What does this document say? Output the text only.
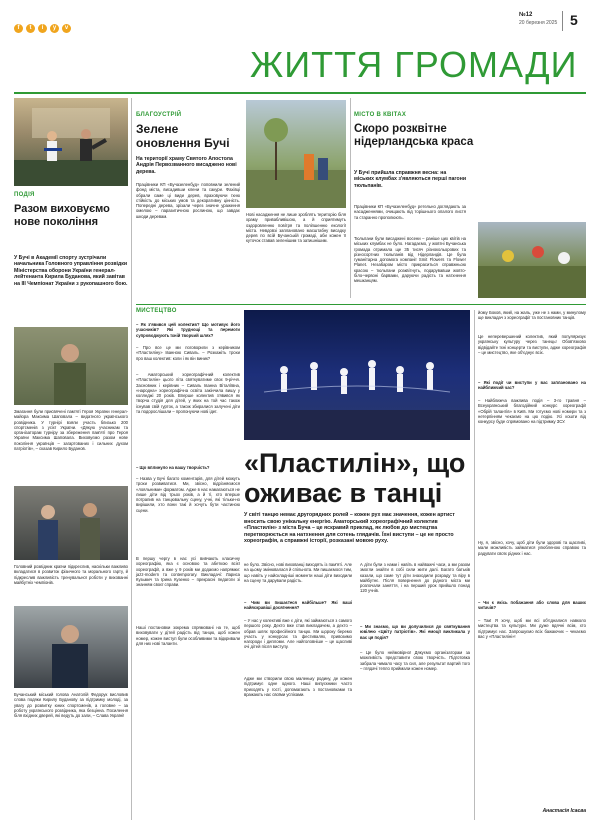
f t i y v
№12
20 березня 2025 5
ЖИТТЯ ГРОМАДИ
ПОДІЯ
Разом виховуємо нове покоління
У Бучі в Академії спорту зустрічали начальника Головного управління розвідки Міністерства оборони України генерал-лейтенанта Кирила Буданова, який завітав на ІІІ Чемпіонат України з рукопашного бою.
Змагання були присвячені пам'яті Героя України генерал-майора Максима Шаповала – видатного українського розвідника. У турнірі взяли участь близько 200 спортсменів з усієї України. «Дякую учасникам та організаторам турніру за збереження пам'яті про Героя України Максима Шаповала. Виховуємо разом нове покоління українців – загартованих і сильних духом патріотів», – сказав Кирило Буданов.
Головний розвідник країни підкреслив, наскільки важливо вкладатися в розвиток фізичного та морального гарту, й підкреслив важливість тренувальної роботи у вихованні майбутніх чемпіонів.
Бучанський міський голова Анатолій Федорук висловив слова подяки Кирилу Буданову за підтримку молоді, за увагу до розвитку юних спортсменів, а головне – за роботу українського розвідника, яка безцінна. Посилення біля вхідних дверей, які ведуть до зали, – Слава Україні!
БЛАГОУСТРІЙ
Зелене оновлення Бучі
На території храму Святого Апостола Андрія Первозванного висаджено нові дерева.
Працівники КП «Бучазеленбуд» поповнили зелений фонд міста, висадивши клени та сакури. Фахівці обрали саме ці види дерев, враховуючи їхню стійкість до міських умов та декоративну цінність. Попередні дерева, зрізали через значне ураження омелою – паразитичною рослиною, що завдає шкоди деревам.	Нові насадження не лише зроблять територію біля храму привабливішою, а й сприятимуть оздоровленню повітря та поліпшенню екології міста. Невдовзі заплановано масштабну висадку дерев по всій Бучанській громаді, аби кожен її куточок ставав зеленішим та затишнішим.
МІСТО В КВІТАХ
Скоро розквітне нідерландська краса
У Бучі прийшла справжня весна: на міських клумбах з'являються перші пагони тюльпанів.
Працівники КП «Бучазеленбуд» ретельно доглядають за насадженнями, очищають від торішнього опалого листя та старанно прополюють.
Тюльпани були висаджені восени – раніше цих квітів на міських клумбах не було. Нагадаємо, у жовтні Бучанська громада отримала ще 35 тисяч різнокольорових та різносортних тюльпанів від Нідерландів. Це була гуманітарна допомога компанії Smit Flowers та Flower Planet. Незабаром місто прикраситься справжньою красою – тюльпани розквітнуть, подарувавши жовто-біло-червоні барвами, даруючи радість та натхнення мешканцям.
МИСТЕЦТВО
– Як з'явився цей колектив? Що мотивує його учасників? Які труднощі та перемоги супроводжують їхній творчий шлях?
– Про все це ми поговорили з керівником «Пластиліну» Іванною Сиваль. – Розкажіть трохи про ваш колектив: коли і як він виник?
– Аматорський хореографічний колектив «Пластилін» цього літа святкуватиме своє 9-річчя. Засновник і керівник – Сиваль Іванна Віталіївна, «народна» хореографічна освіта закінчила вишу у колледжі 20 років. Вперше колектив з'явився як творча студія для дітей, у яких на той час також існував свій гурток, а також збиралися залучені діти та подорослішали – пропонуючи нові ідеї.
– Що вплинуло на вашу творчість?
– Назва у Бучі багато коментарів, для дітей можуть трохи розвиватися. Ми, звісно, відрізняємося «лояльними» форматом. Адже в нас намагаються не лише діти від трьох років, а й ті, хто вперше потрапив на танцювальну сцену, учні, які тільки-но вирішили, хто вони такі й хочуть бути частиною сцени.
В першу чергу в нас усі вивчають класичну хореографію, яка є основою та абеткою всієї хореографії, а вже у 9 років ми додаємо напрямки: jazz-modern та contemporary. Викладачі: Лариса Кузьмич та Ірина Кузенко – прекрасні педагоги зі знанням своєї справи.
Наші постановки зокрема спрямовані на те, щоб виховувати у дітей радість від танцю, щоб кожен номер, кожен виступ були особливими та відкривали для них нові таланти.
«Пластилін», що оживає в танці
У світі танцю немає другорядних ролей – кожен рух має значення, кожен артист вносить свою унікальну енергію. Аматорський хореографічний колектив «Пластилін» з міста Буча – це яскравий приклад, як любов до мистецтва перетворюється на натхнення для сотень глядачів. Їхні виступи – це не просто хореографія, а справжні історії, розказані мовою руху.
не було. Звісно, нові вихованці виходять із пам'яті. Але на цьому змінювалася й спільнота. Ми пишаємося тим, що навіть у найскладніші моменти наші діти виходили на сцену та дарували радість.
– Чим ви пишаєтеся найбільше? Які ваші найяскравіші досягнення?
– У нас у колективі вже є діти, які займаються з самого першого року. Дехто вже став викладачем, а дехто – обрав шлях професійного танцю. Ми щороку беремо участь у конкурсах та фестивалях, привозимо нагороди і дипломи. Але найголовніше – це щасливі очі дітей після виступу.
Адже ми створили свою маленьку родину, де кожен підтримує одне одного. Наші випускники часто приходять у гості, допомагають з постановками та вражають нас своїми успіхами.
А діти були з нами і навіть в найважчі часи, а ми разом змогли знайти в собі сили жити далі. Багато батьків казали, що саме тут діти знаходили розраду та віру в майбутнє. Після повернення до рідного міста ми розпочали заняття, і на перший урок прийшло понад 120 учнів.
– Ми знаємо, що ви долучилися до святкування ювілею «Цвіту патріотів». Які емоції викликала у вас ця подія?
– Це було неймовірно! Дякуємо організаторам за можливість представити свою творчість. Підготовка забрала чимало часу та сил, але результат вартий того – глядачі тепло приймали кожен номер.
йому Боков, який, на жаль, уже не з нами, у минулому ще викладач з хореографії та постановник танців.
Це неперевершений колектив, який популяризує українську культуру через танець! Обов'язково відвідайте їхні концерти та виступи, адже хореографія – це мистецтво, яке об'єднує всіх.
– Які події чи виступи у вас заплановано на найближчий час?
– Найближча важлива подія – 3-го травня – Всеукраїнський благодійний конкурс хореографії «Обрій талантів» в Київ. Ми готуємо нові номери та з нетерпінням чекаємо на цю подію. Усі кошти від конкурсу буде спрямовано на підтримку ЗСУ.
Ну, я, звісно, хочу, щоб діти були здорові та щасливі, мали можливість займатися улюбленою справою та радувати своїх рідних і нас.
– Чи є якісь побажання або слова для ваших читачів?
– Так! Я хочу, щоб ми всі об'єдналися навколо мистецтва та культури. Ми дуже вдячні всім, хто підтримує нас. Запрошуємо всіх бажаючих – чекаємо вас у «Пластиліні»!
Анастасія Ісаєва
